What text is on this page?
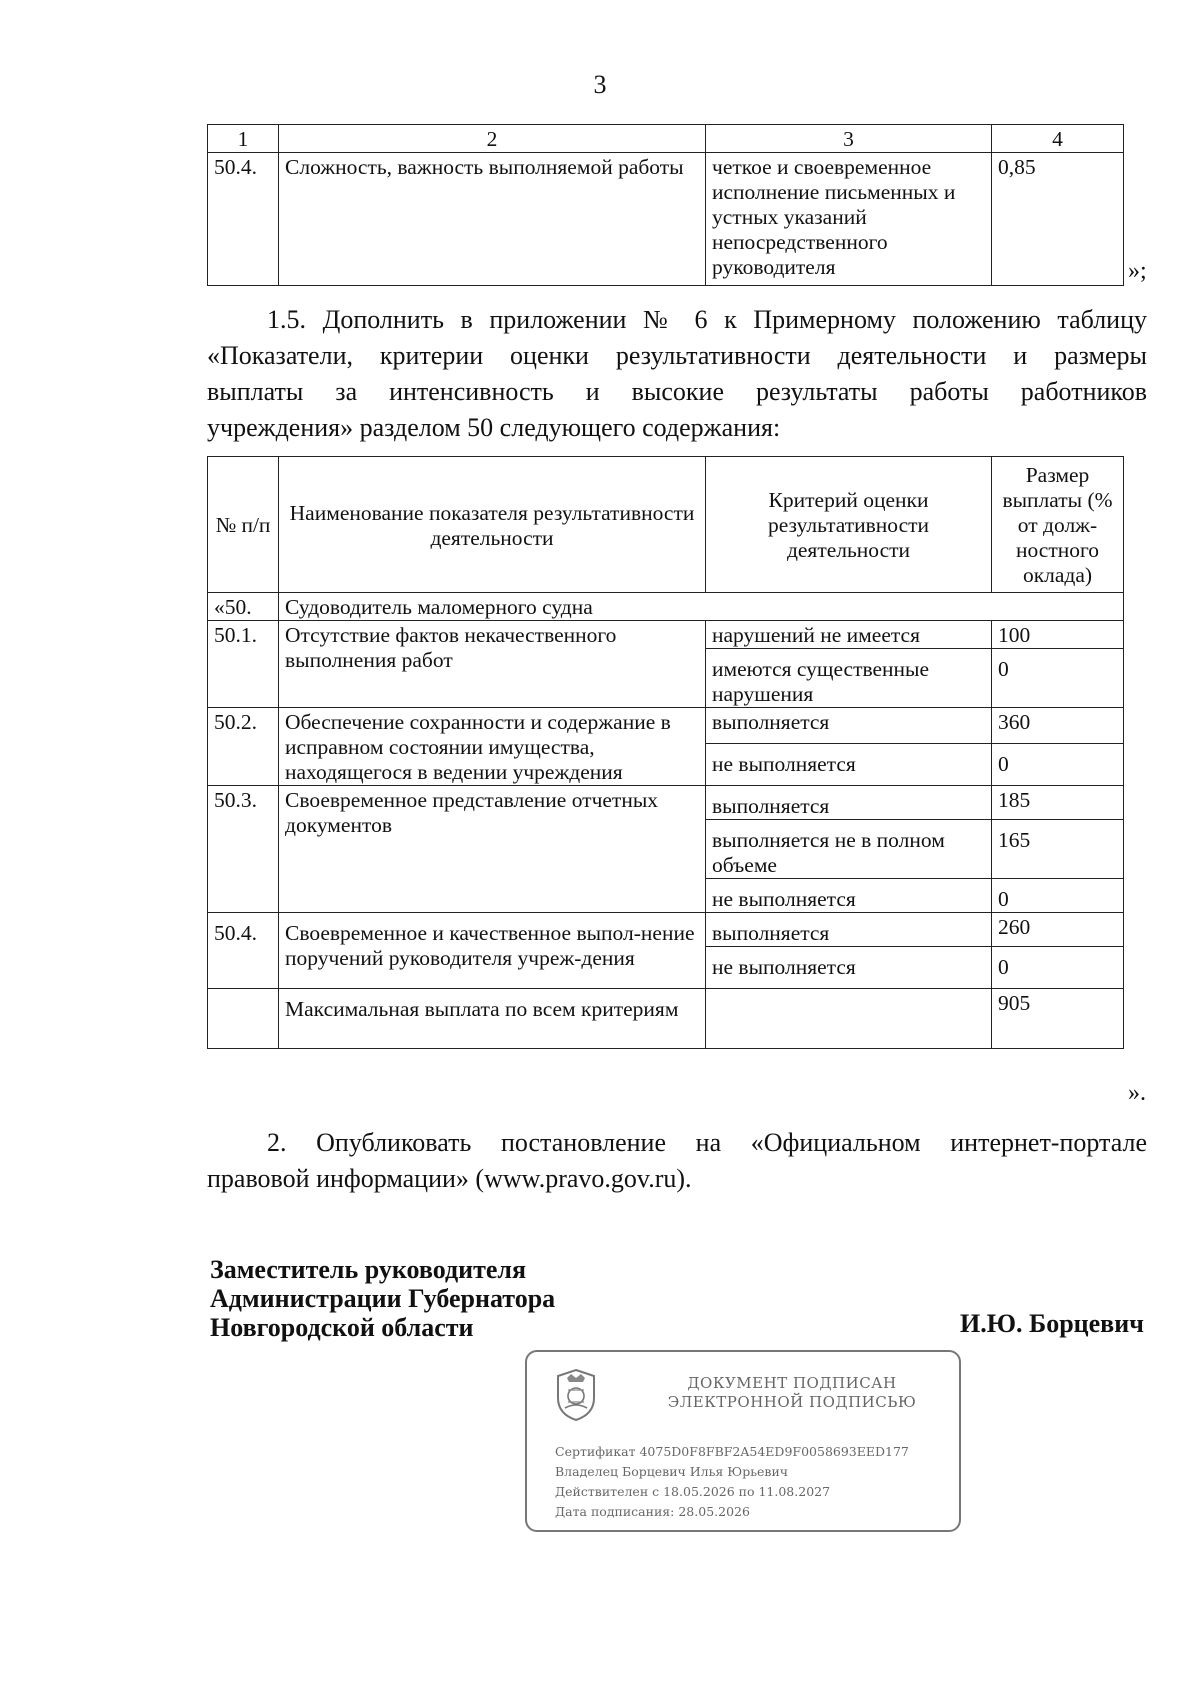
3
1	2	3	4
50.4.	Сложность, важность выполняемой работы	четкое и своевременное исполнение письменных и устных указаний непосредственного руководителя	0,85
»;
1.5. Дополнить в приложении № 6 к Примерному положению таблицу
«Показатели, критерии оценки результативности деятельности и размеры
выплаты за интенсивность и высокие результаты работы работников
учреждения» разделом 50 следующего содержания:
№ п/п	Наименование показателя результативности деятельности	Критерий оценки результативности деятельности	Размер выплаты (% от долж-ностного оклада)
«50.	Судоводитель маломерного судна		
50.1.	Отсутствие фактов некачественного выполнения работ	нарушений не имеется	100
		имеются существенные нарушения	0
50.2.	Обеспечение сохранности и содержание в исправном состоянии имущества, находящегося в ведении учреждения	выполняется	360
		не выполняется	0
50.3.	Своевременное представление отчетных документов	выполняется	185
		выполняется не в полном объеме	165
		не выполняется	0
50.4.	Своевременное и качественное выпол-нение поручений руководителя учреж-дения	выполняется	260
		не выполняется	0
	Максимальная выплата по всем критериям		905
».
2. Опубликовать постановление на «Официальном интернет-портале
правовой информации» (www.pravo.gov.ru).
Заместитель руководителя
Администрации Губернатора
Новгородской области	И.Ю. Борцевич
ДОКУМЕНТ ПОДПИСАН
ЭЛЕКТРОННОЙ ПОДПИСЬЮ
Сертификат 4075D0F8FBF2A54ED9F0058693EED177
Владелец Борцевич Илья Юрьевич
Действителен с 18.05.2026 по 11.08.2027
Дата подписания: 28.05.2026
